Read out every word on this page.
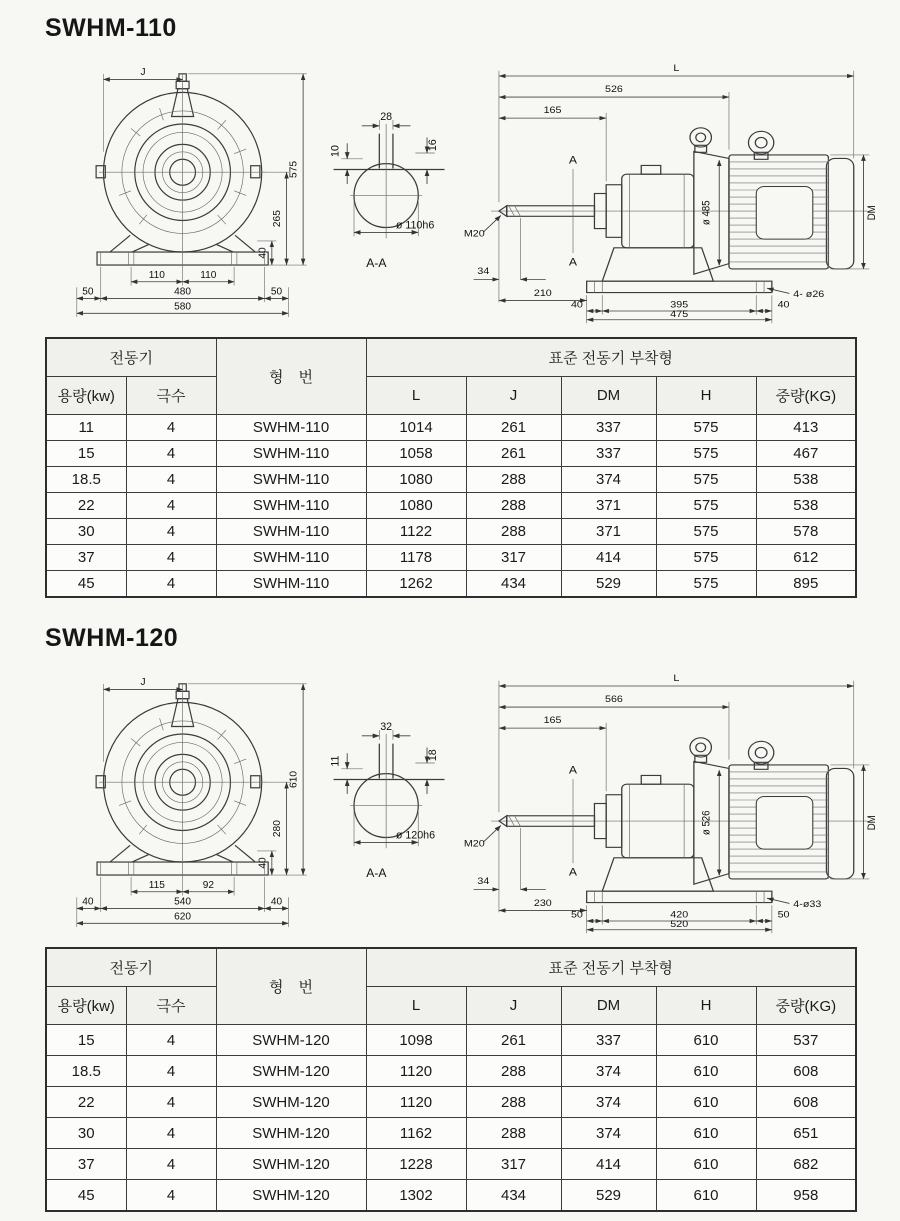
SWHM-110
J
575
265
40
110	110
50	480	50
580
28
10	16
ø 110h6
A-A
L
526
165
A
A
ø 485
M20
34
210
40	395	40
475
4- ø26
DM
전동기		형　번	표준 전동기 부착형				
용량(kw)	극수		L	J	DM	H	중량(KG)
11	4	SWHM-110	1014	261	337	575	413
15	4	SWHM-110	1058	261	337	575	467
18.5	4	SWHM-110	1080	288	374	575	538
22	4	SWHM-110	1080	288	371	575	538
30	4	SWHM-110	1122	288	371	575	578
37	4	SWHM-110	1178	317	414	575	612
45	4	SWHM-110	1262	434	529	575	895
SWHM-120
J
610
280
40
115	92
40	540	40
620
32
11	18
ø 120h6
A-A
L
566
165
A
A
ø 526
M20
34
230
50	420	50
520
4-ø33
DM
전동기		형　번	표준 전동기 부착형				
용량(kw)	극수		L	J	DM	H	중량(KG)
15	4	SWHM-120	1098	261	337	610	537
18.5	4	SWHM-120	1120	288	374	610	608
22	4	SWHM-120	1120	288	374	610	608
30	4	SWHM-120	1162	288	374	610	651
37	4	SWHM-120	1228	317	414	610	682
45	4	SWHM-120	1302	434	529	610	958
